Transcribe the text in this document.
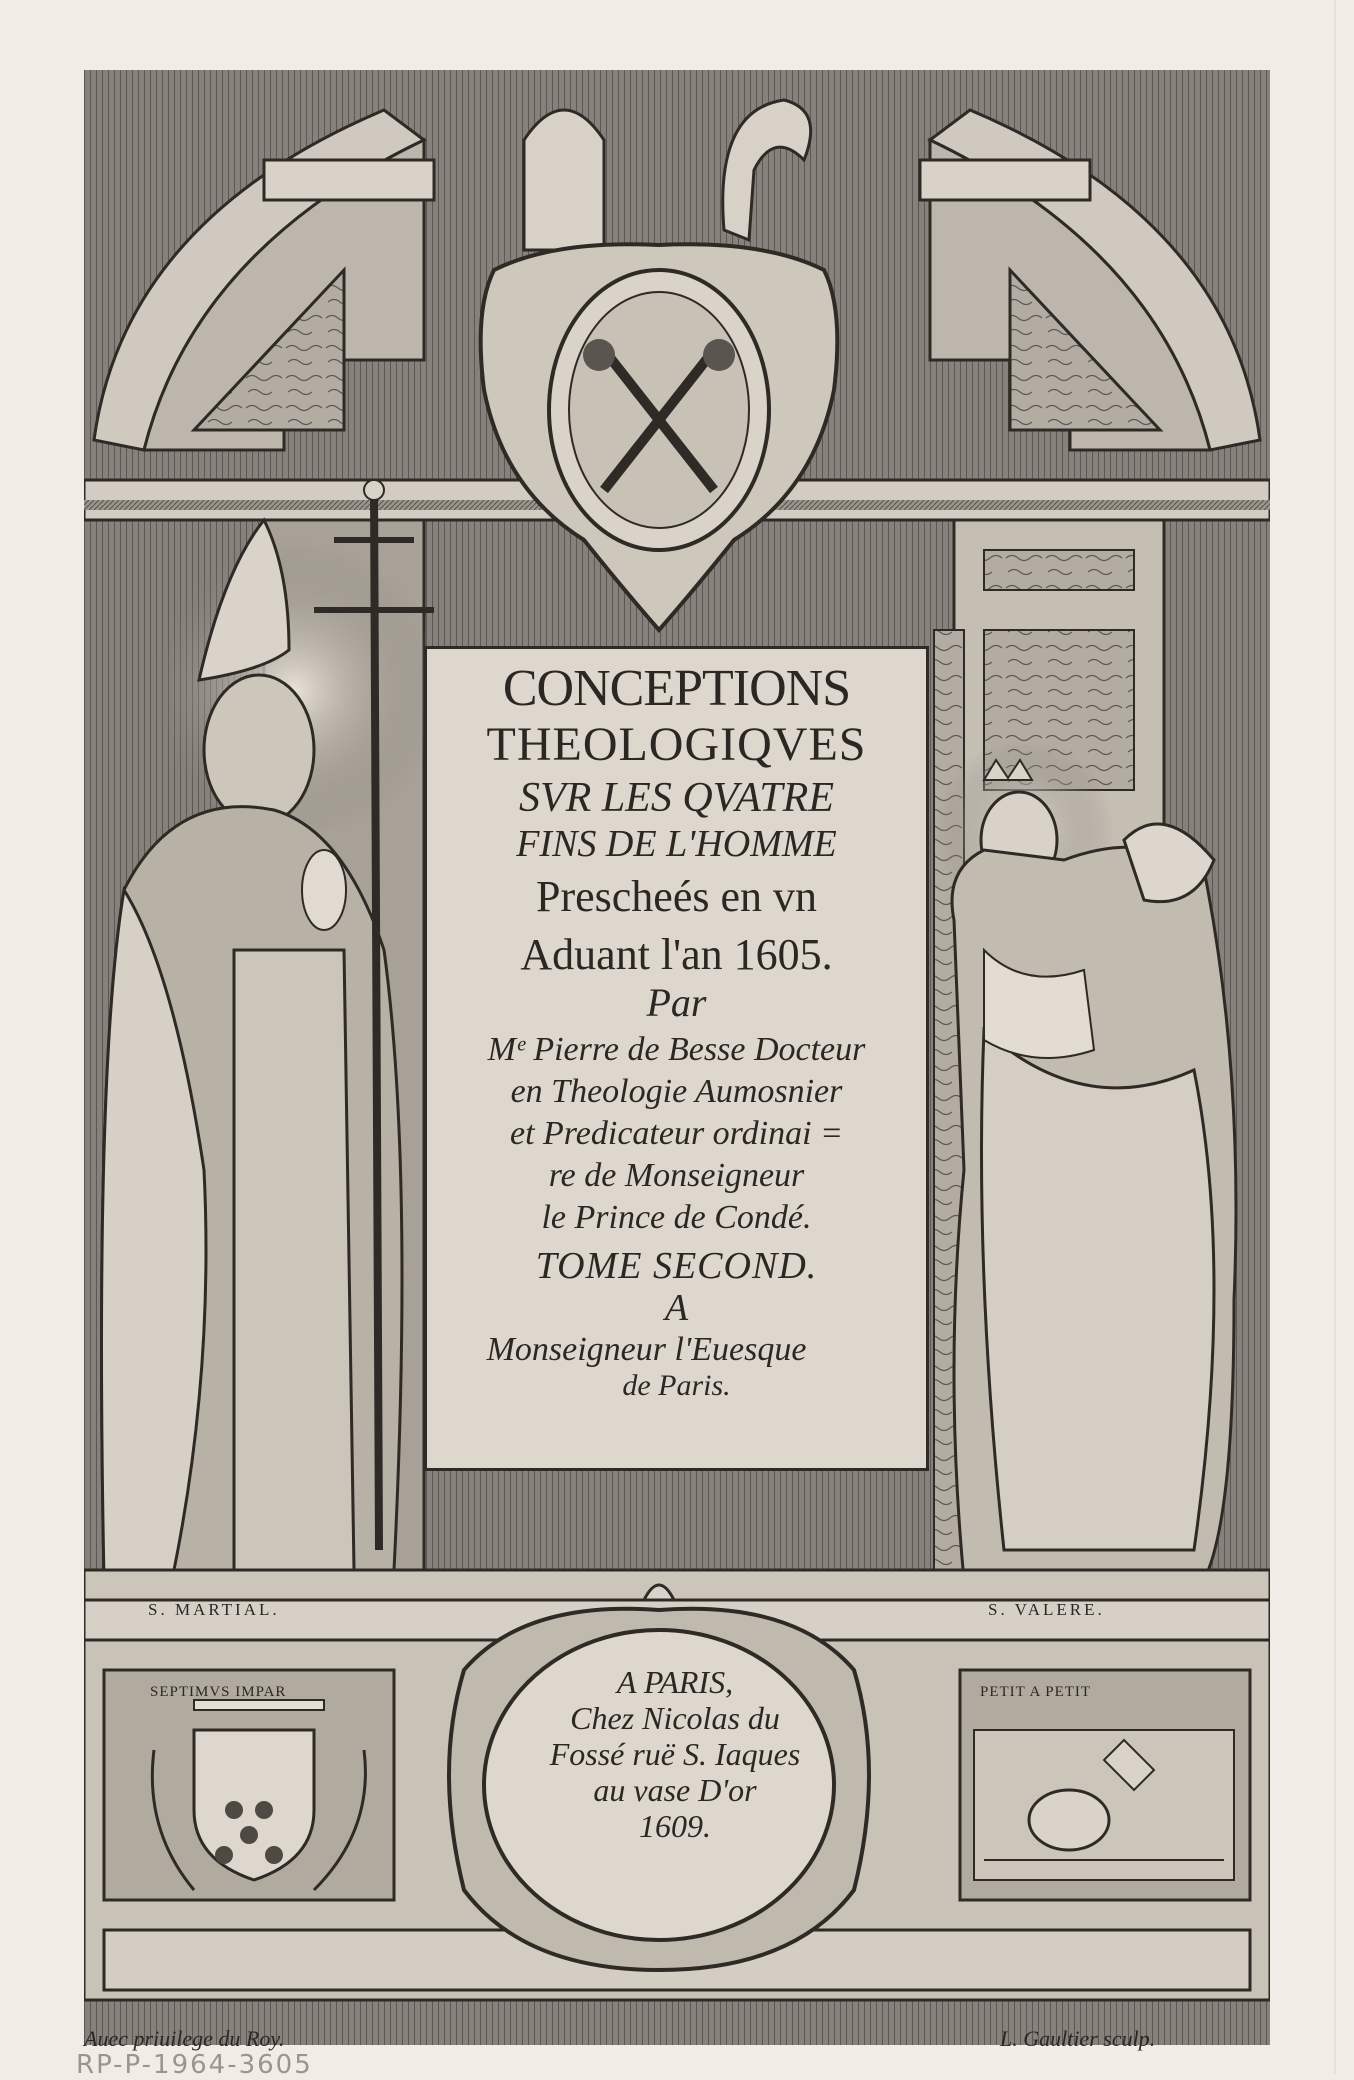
CONCEPTIONS
THEOLOGIQVES
SVR LES QVATRE
FINS DE L'HOMME
Prescheés en vn
Aduant l'an 1605.
Par
Mᵉ Pierre de Besse Docteur
en Theologie Aumosnier
et Predicateur ordinai =
re de Monseigneur
le Prince de Condé.
TOME SECOND.
A
Monseigneur l'Euesque
de Paris.
S. MARTIAL.	S. VALERE.
SEPTIMVS IMPAR	PETIT A PETIT
A PARIS,
Chez Nicolas du
Fossé ruë S. Iaques
au vase D'or
1609.
Auec priuilege du Roy.	L. Gaultier sculp.
RP-P-1964-3605
